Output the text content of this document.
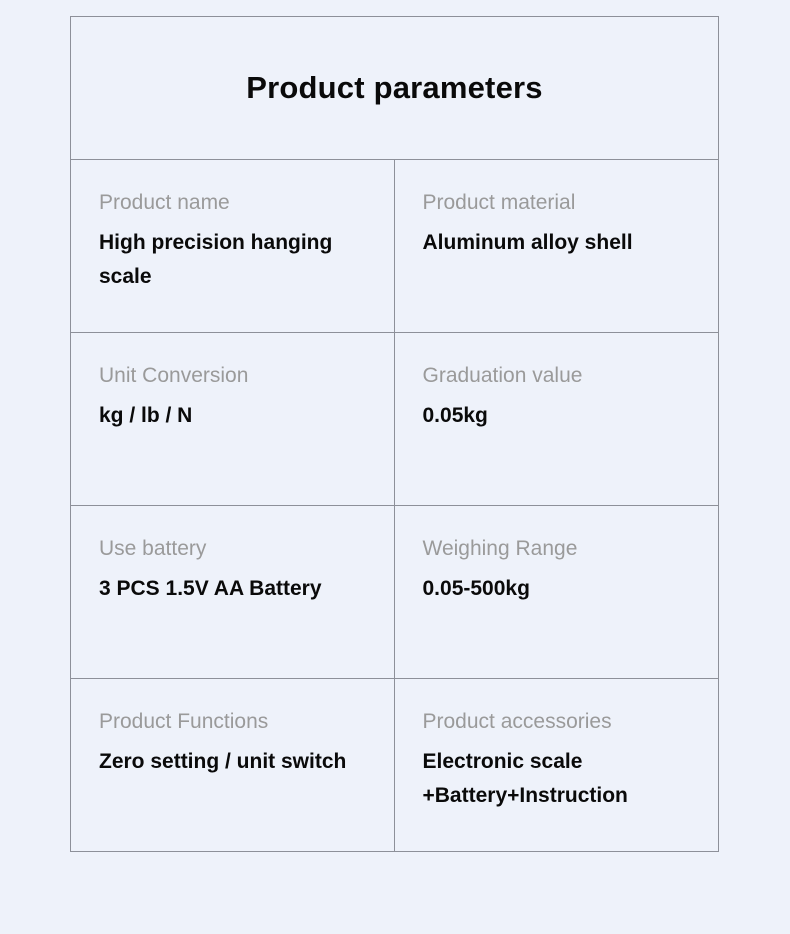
Product parameters
Product name
High precision hanging scale
Product material
Aluminum alloy shell
Unit Conversion
kg / lb / N
Graduation value
0.05kg
Use battery
3 PCS 1.5V AA Battery
Weighing Range
0.05-500kg
Product Functions
Zero setting / unit switch
Product accessories
Electronic scale +Battery+Instruction
